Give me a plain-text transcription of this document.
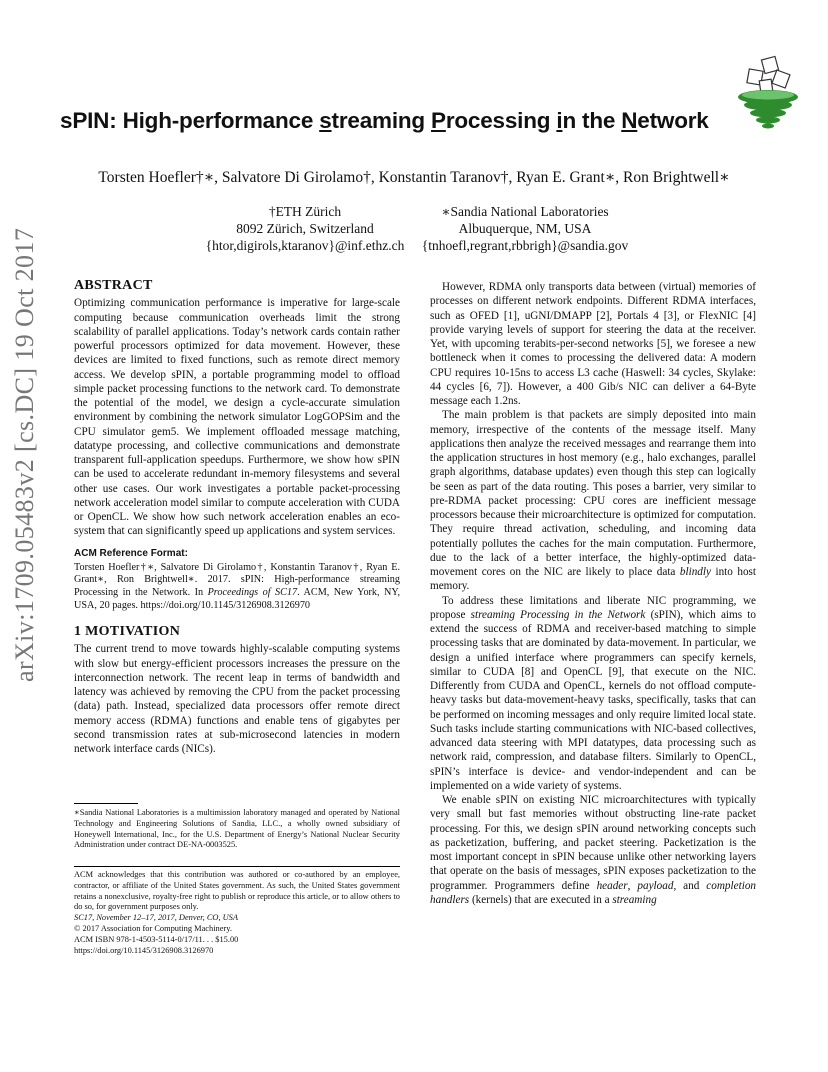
sPIN: High-performance streaming Processing in the Network
Torsten Hoefler†∗, Salvatore Di Girolamo†, Konstantin Taranov†, Ryan E. Grant∗, Ron Brightwell∗
†ETH Zürich
8092 Zürich, Switzerland
{htor,digirols,ktaranov}@inf.ethz.ch
∗Sandia National Laboratories
Albuquerque, NM, USA
{tnhoefl,regrant,rbbrigh}@sandia.gov
arXiv:1709.05483v2 [cs.DC] 19 Oct 2017	ABSTRACT

Optimizing communication performance is imperative for large-scale computing because communication overheads limit the strong scalability of parallel applications. Today’s network cards contain rather powerful processors optimized for data movement. However, these devices are limited to fixed functions, such as remote direct memory access. We develop sPIN, a portable programming model to offload simple packet processing functions to the network card. To demonstrate the potential of the model, we design a cycle-accurate simulation environment by combining the network simulator LogGOPSim and the CPU simulator gem5. We implement offloaded message matching, datatype processing, and collective communications and demonstrate transparent full-application speedups. Furthermore, we show how sPIN can be used to accelerate redundant in-memory filesystems and several other use cases. Our work investigates a portable packet-processing network acceleration model similar to compute acceleration with CUDA or OpenCL. We show how such network acceleration enables an eco-system that can significantly speed up applications and system services.

ACM Reference Format:

Torsten Hoefler†∗, Salvatore Di Girolamo†, Konstantin Taranov†, Ryan E. Grant∗, Ron Brightwell∗. 2017. sPIN: High-performance streaming Processing in the Network. In Proceedings of SC17. ACM, New York, NY, USA, 20 pages. https://doi.org/10.1145/3126908.3126970

1 MOTIVATION

The current trend to move towards highly-scalable computing systems with slow but energy-efficient processors increases the pressure on the interconnection network. The recent leap in terms of bandwidth and latency was achieved by removing the CPU from the packet processing (data) path. Instead, specialized data processors offer remote direct memory access (RDMA) functions and enable tens of gigabytes per second transmission rates at sub-microsecond latencies in modern network interface cards (NICs).

∗Sandia National Laboratories is a multimission laboratory managed and operated by National Technology and Engineering Solutions of Sandia, LLC., a wholly owned subsidiary of Honeywell International, Inc., for the U.S. Department of Energy’s National Nuclear Security Administration under contract DE-NA-0003525.

ACM acknowledges that this contribution was authored or co-authored by an employee, contractor, or affiliate of the United States government. As such, the United States government retains a nonexclusive, royalty-free right to publish or reproduce this article, or to allow others to do so, for government purposes only.

SC17, November 12–17, 2017, Denver, CO, USA

© 2017 Association for Computing Machinery.

ACM ISBN 978-1-4503-5114-0/17/11. . . $15.00

https://doi.org/10.1145/3126908.3126970

However, RDMA only transports data between (virtual) memories of processes on different network endpoints. Different RDMA interfaces, such as OFED [1], uGNI/DMAPP [2], Portals 4 [3], or FlexNIC [4] provide varying levels of support for steering the data at the receiver. Yet, with upcoming terabits-per-second networks [5], we foresee a new bottleneck when it comes to processing the delivered data: A modern CPU requires 10-15ns to access L3 cache (Haswell: 34 cycles, Skylake: 44 cycles [6, 7]). However, a 400 Gib/s NIC can deliver a 64-Byte message each 1.2ns.

The main problem is that packets are simply deposited into main memory, irrespective of the contents of the message itself. Many applications then analyze the received messages and rearrange them into the application structures in host memory (e.g., halo exchanges, parallel graph algorithms, database updates) even though this step can logically be seen as part of the data routing. This poses a barrier, very similar to pre-RDMA packet processing: CPU cores are inefficient message processors because their microarchitecture is optimized for computation. They require thread activation, scheduling, and incoming data potentially pollutes the caches for the main computation. Furthermore, due to the lack of a better interface, the highly-optimized data-movement cores on the NIC are likely to place data blindly into host memory.

To address these limitations and liberate NIC programming, we propose streaming Processing in the Network (sPIN), which aims to extend the success of RDMA and receiver-based matching to simple processing tasks that are dominated by data-movement. In particular, we design a unified interface where programmers can specify kernels, similar to CUDA [8] and OpenCL [9], that execute on the NIC. Differently from CUDA and OpenCL, kernels do not offload compute-heavy tasks but data-movement-heavy tasks, specifically, tasks that can be performed on incoming messages and only require limited local state. Such tasks include starting communications with NIC-based collectives, advanced data steering with MPI datatypes, data processing such as network raid, compression, and database filters. Similarly to OpenCL, sPIN’s interface is device- and vendor-independent and can be implemented on a wide variety of systems.

We enable sPIN on existing NIC microarchitectures with typically very small but fast memories without obstructing line-rate packet processing. For this, we design sPIN around networking concepts such as packetization, buffering, and packet steering. Packetization is the most important concept in sPIN because unlike other networking layers that operate on the basis of messages, sPIN exposes packetization to the programmer. Programmers define header, payload, and completion handlers (kernels) that are executed in a streaming
